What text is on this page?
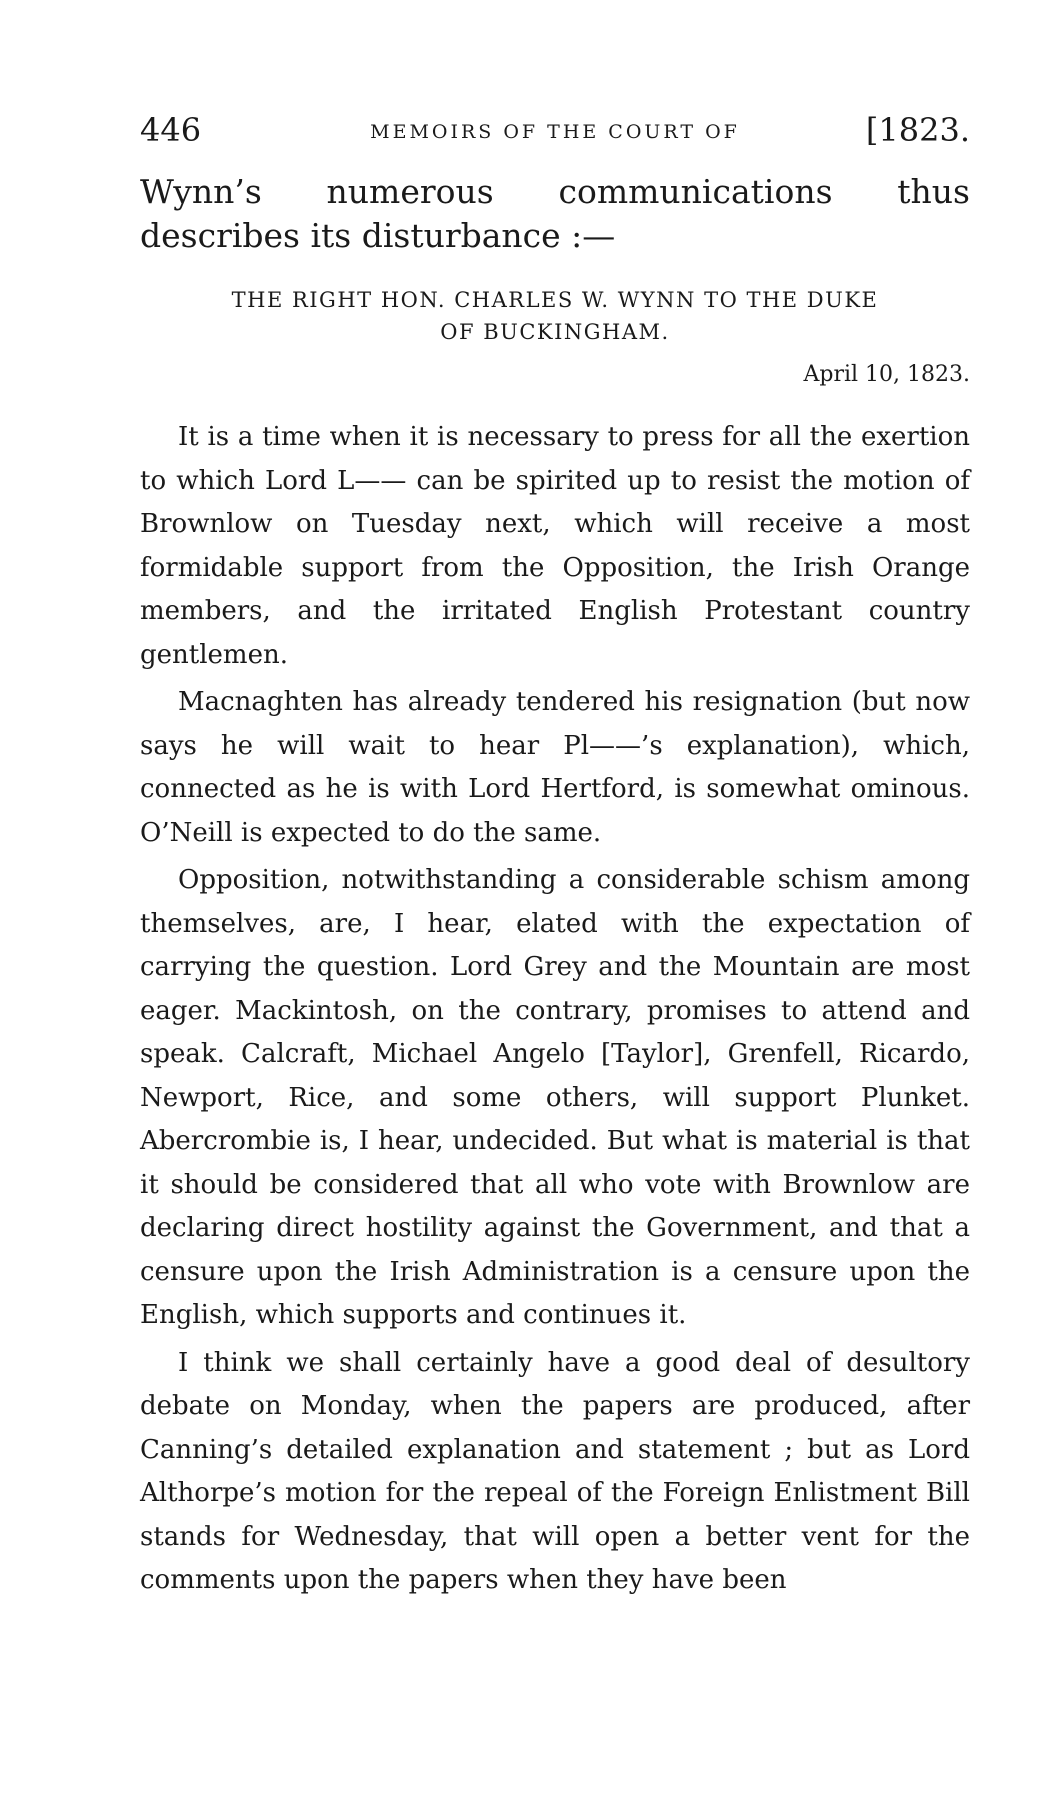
446	MEMOIRS OF THE COURT OF	[1823.
Wynn’s numerous communications thus describes its disturbance :—
THE RIGHT HON. CHARLES W. WYNN TO THE DUKE
OF BUCKINGHAM.
April 10, 1823.

It is a time when it is necessary to press for all the exertion to which Lord L—— can be spirited up to resist the motion of Brownlow on Tuesday next, which will receive a most formidable support from the Opposition, the Irish Orange members, and the irritated English Protestant country gentlemen.

Macnaghten has already tendered his resignation (but now says he will wait to hear Pl——’s explanation), which, connected as he is with Lord Hertford, is somewhat ominous. O’Neill is expected to do the same.

Opposition, notwithstanding a considerable schism among themselves, are, I hear, elated with the expectation of carrying the question. Lord Grey and the Mountain are most eager. Mackintosh, on the contrary, promises to attend and speak. Calcraft, Michael Angelo [Taylor], Grenfell, Ricardo, Newport, Rice, and some others, will support Plunket. Abercrombie is, I hear, undecided. But what is material is that it should be considered that all who vote with Brownlow are declaring direct hostility against the Government, and that a censure upon the Irish Administration is a censure upon the English, which supports and continues it.

I think we shall certainly have a good deal of desultory debate on Monday, when the papers are produced, after Canning’s detailed explanation and statement ; but as Lord Althorpe’s motion for the repeal of the Foreign Enlistment Bill stands for Wednesday, that will open a better vent for the comments upon the papers when they have been
